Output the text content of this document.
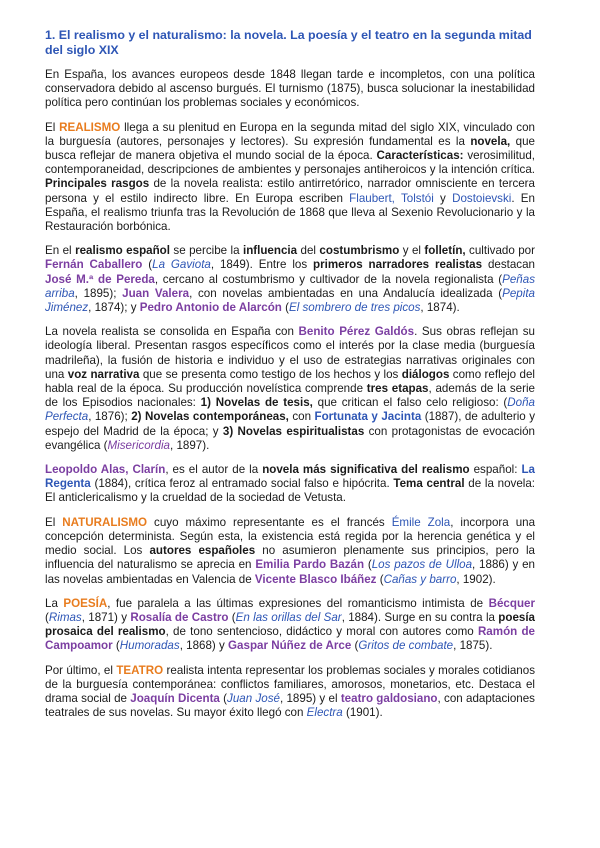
1. El realismo y el naturalismo: la novela. La poesía y el teatro en la segunda mitad del siglo XIX

En España, los avances europeos desde 1848 llegan tarde e incompletos, con una política conservadora debido al ascenso burgués. El turnismo (1875), busca solucionar la inestabilidad política pero continúan los problemas sociales y económicos.

El REALISMO llega a su plenitud en Europa en la segunda mitad del siglo XIX, vinculado con la burguesía (autores, personajes y lectores). Su expresión fundamental es la novela, que busca reflejar de manera objetiva el mundo social de la época. Características: verosimilitud, contemporaneidad, descripciones de ambientes y personajes antiheroicos y la intención crítica. Principales rasgos de la novela realista: estilo antirretórico, narrador omnisciente en tercera persona y el estilo indirecto libre. En Europa escriben Flaubert, Tolstói y Dostoievski. En España, el realismo triunfa tras la Revolución de 1868 que lleva al Sexenio Revolucionario y la Restauración borbónica.

En el realismo español se percibe la influencia del costumbrismo y el folletín, cultivado por Fernán Caballero (La Gaviota, 1849). Entre los primeros narradores realistas destacan José M.ª de Pereda, cercano al costumbrismo y cultivador de la novela regionalista (Peñas arriba, 1895); Juan Valera, con novelas ambientadas en una Andalucía idealizada (Pepita Jiménez, 1874); y Pedro Antonio de Alarcón (El sombrero de tres picos, 1874).

La novela realista se consolida en España con Benito Pérez Galdós. Sus obras reflejan su ideología liberal. Presentan rasgos específicos como el interés por la clase media (burguesía madrileña), la fusión de historia e individuo y el uso de estrategias narrativas originales con una voz narrativa que se presenta como testigo de los hechos y los diálogos como reflejo del habla real de la época. Su producción novelística comprende tres etapas, además de la serie de los Episodios nacionales: 1) Novelas de tesis, que critican el falso celo religioso: (Doña Perfecta, 1876); 2) Novelas contemporáneas, con Fortunata y Jacinta (1887), de adulterio y espejo del Madrid de la época; y 3) Novelas espiritualistas con protagonistas de evocación evangélica (Misericordia, 1897).

Leopoldo Alas, Clarín, es el autor de la novela más significativa del realismo español: La Regenta (1884), crítica feroz al entramado social falso e hipócrita. Tema central de la novela: El anticlericalismo y la crueldad de la sociedad de Vetusta.

El NATURALISMO cuyo máximo representante es el francés Émile Zola, incorpora una concepción determinista. Según esta, la existencia está regida por la herencia genética y el medio social. Los autores españoles no asumieron plenamente sus principios, pero la influencia del naturalismo se aprecia en Emilia Pardo Bazán (Los pazos de Ulloa, 1886) y en las novelas ambientadas en Valencia de Vicente Blasco Ibáñez (Cañas y barro, 1902).

La POESÍA, fue paralela a las últimas expresiones del romanticismo intimista de Bécquer (Rimas, 1871) y Rosalía de Castro (En las orillas del Sar, 1884). Surge en su contra la poesía prosaica del realismo, de tono sentencioso, didáctico y moral con autores como Ramón de Campoamor (Humoradas, 1868) y Gaspar Núñez de Arce (Gritos de combate, 1875).

Por último, el TEATRO realista intenta representar los problemas sociales y morales cotidianos de la burguesía contemporánea: conflictos familiares, amorosos, monetarios, etc. Destaca el drama social de Joaquín Dicenta (Juan José, 1895) y el teatro galdosiano, con adaptaciones teatrales de sus novelas. Su mayor éxito llegó con Electra (1901).
